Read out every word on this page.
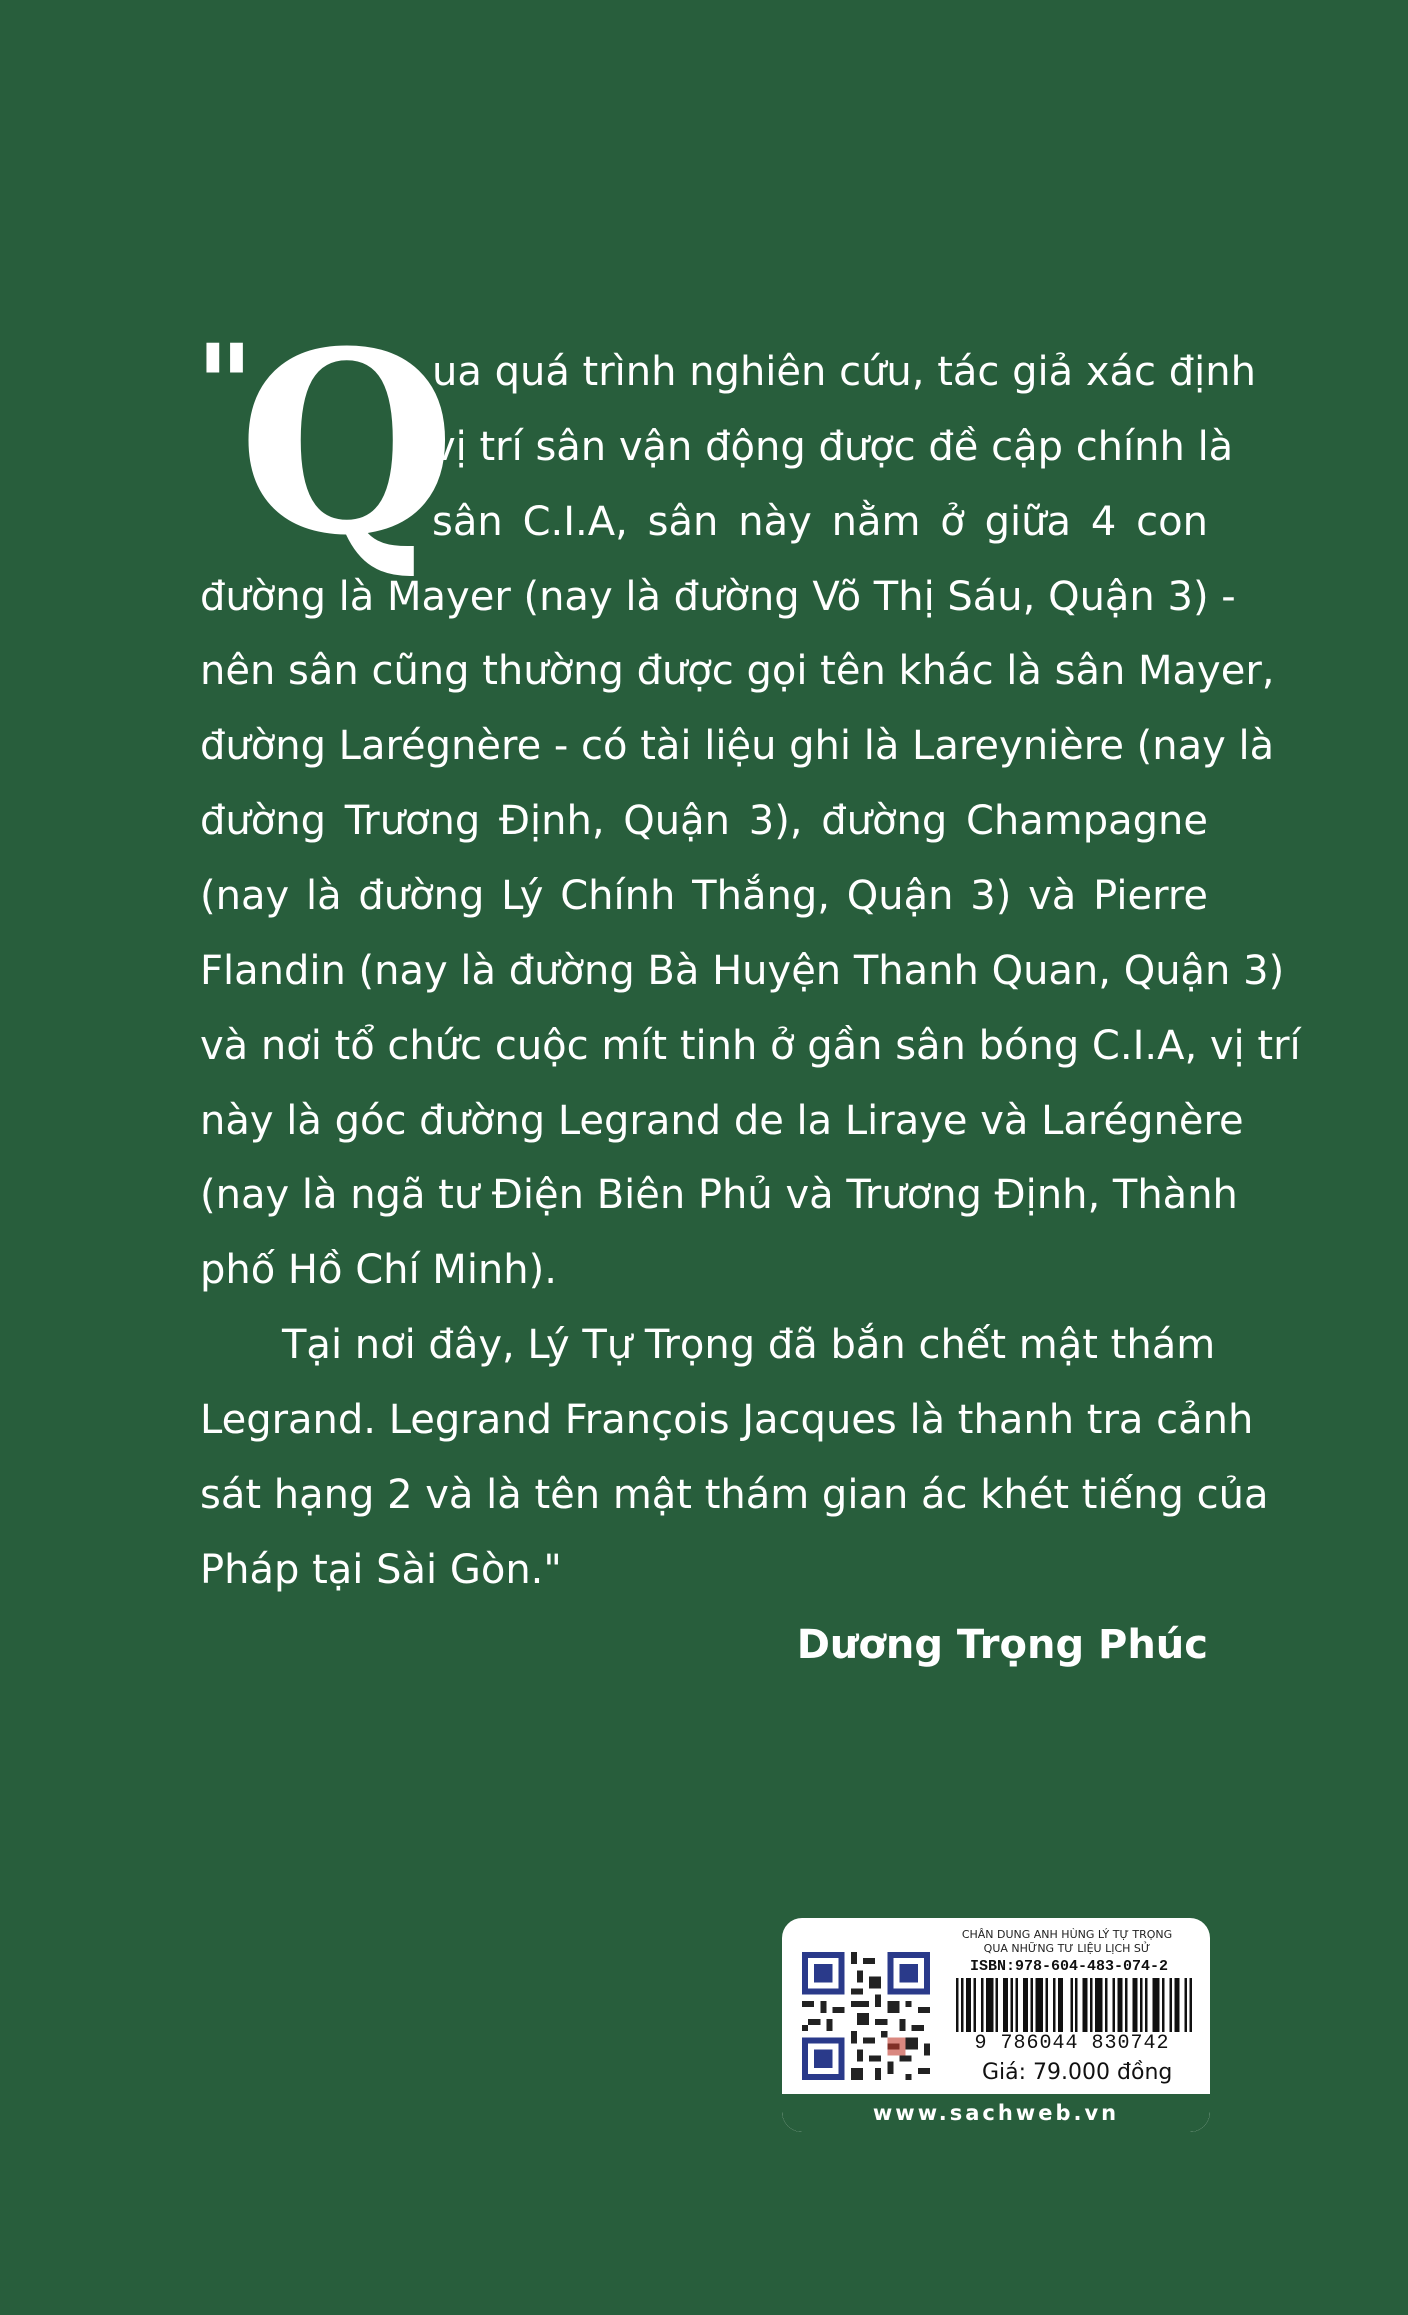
"
Q
ua quá trình nghiên cứu, tác giả xác định
vị trí sân vận động được đề cập chính là
sân C.I.A, sân này nằm ở giữa 4 con
đường là Mayer (nay là đường Võ Thị Sáu, Quận 3) -
nên sân cũng thường được gọi tên khác là sân Mayer,
đường Larégnère - có tài liệu ghi là Lareynière (nay là
đường Trương Định, Quận 3), đường Champagne
(nay là đường Lý Chính Thắng, Quận 3) và Pierre
Flandin (nay là đường Bà Huyện Thanh Quan, Quận 3)
và nơi tổ chức cuộc mít tinh ở gần sân bóng C.I.A, vị trí
này là góc đường Legrand de la Liraye và Larégnère
(nay là ngã tư Điện Biên Phủ và Trương Định, Thành
phố Hồ Chí Minh).
Tại nơi đây, Lý Tự Trọng đã bắn chết mật thám
Legrand. Legrand François Jacques là thanh tra cảnh
sát hạng 2 và là tên mật thám gian ác khét tiếng của
Pháp tại Sài Gòn."
Dương Trọng Phúc
CHÂN DUNG ANH HÙNG LÝ TỰ TRỌNG
QUA NHỮNG TƯ LIỆU LỊCH SỬ
ISBN:978-604-483-074-2
9 786044 830742
Giá: 79.000 đồng
www.sachweb.vn
